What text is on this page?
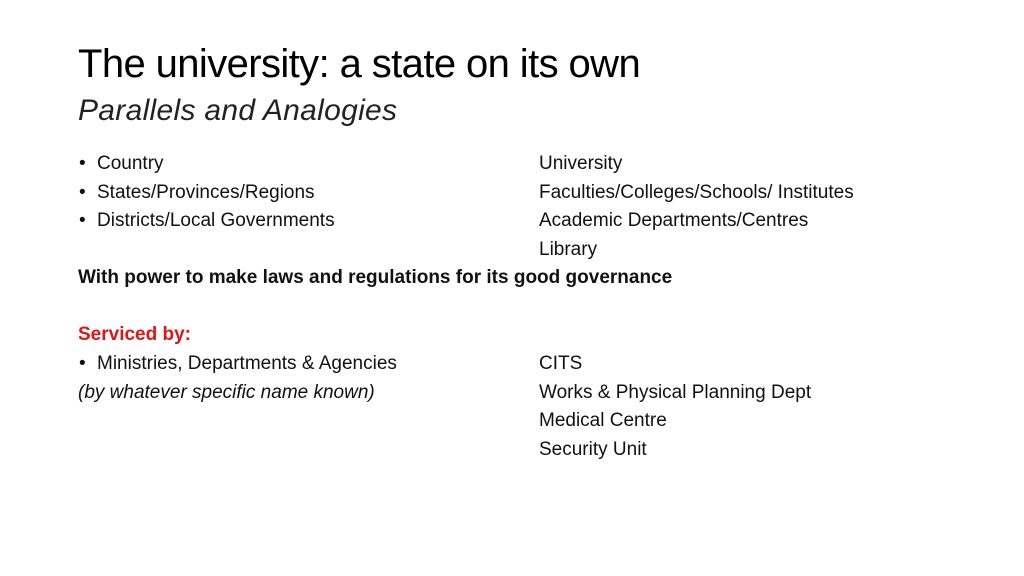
The university: a state on its own
Parallels and Analogies
• Country
• States/Provinces/Regions
• Districts/Local Governments
University
Faculties/Colleges/Schools/ Institutes
Academic Departments/Centres
Library
With power to make laws and regulations for its good governance
Serviced by:
• Ministries, Departments & Agencies
(by whatever specific name known)
CITS
Works & Physical Planning Dept
Medical Centre
Security Unit
